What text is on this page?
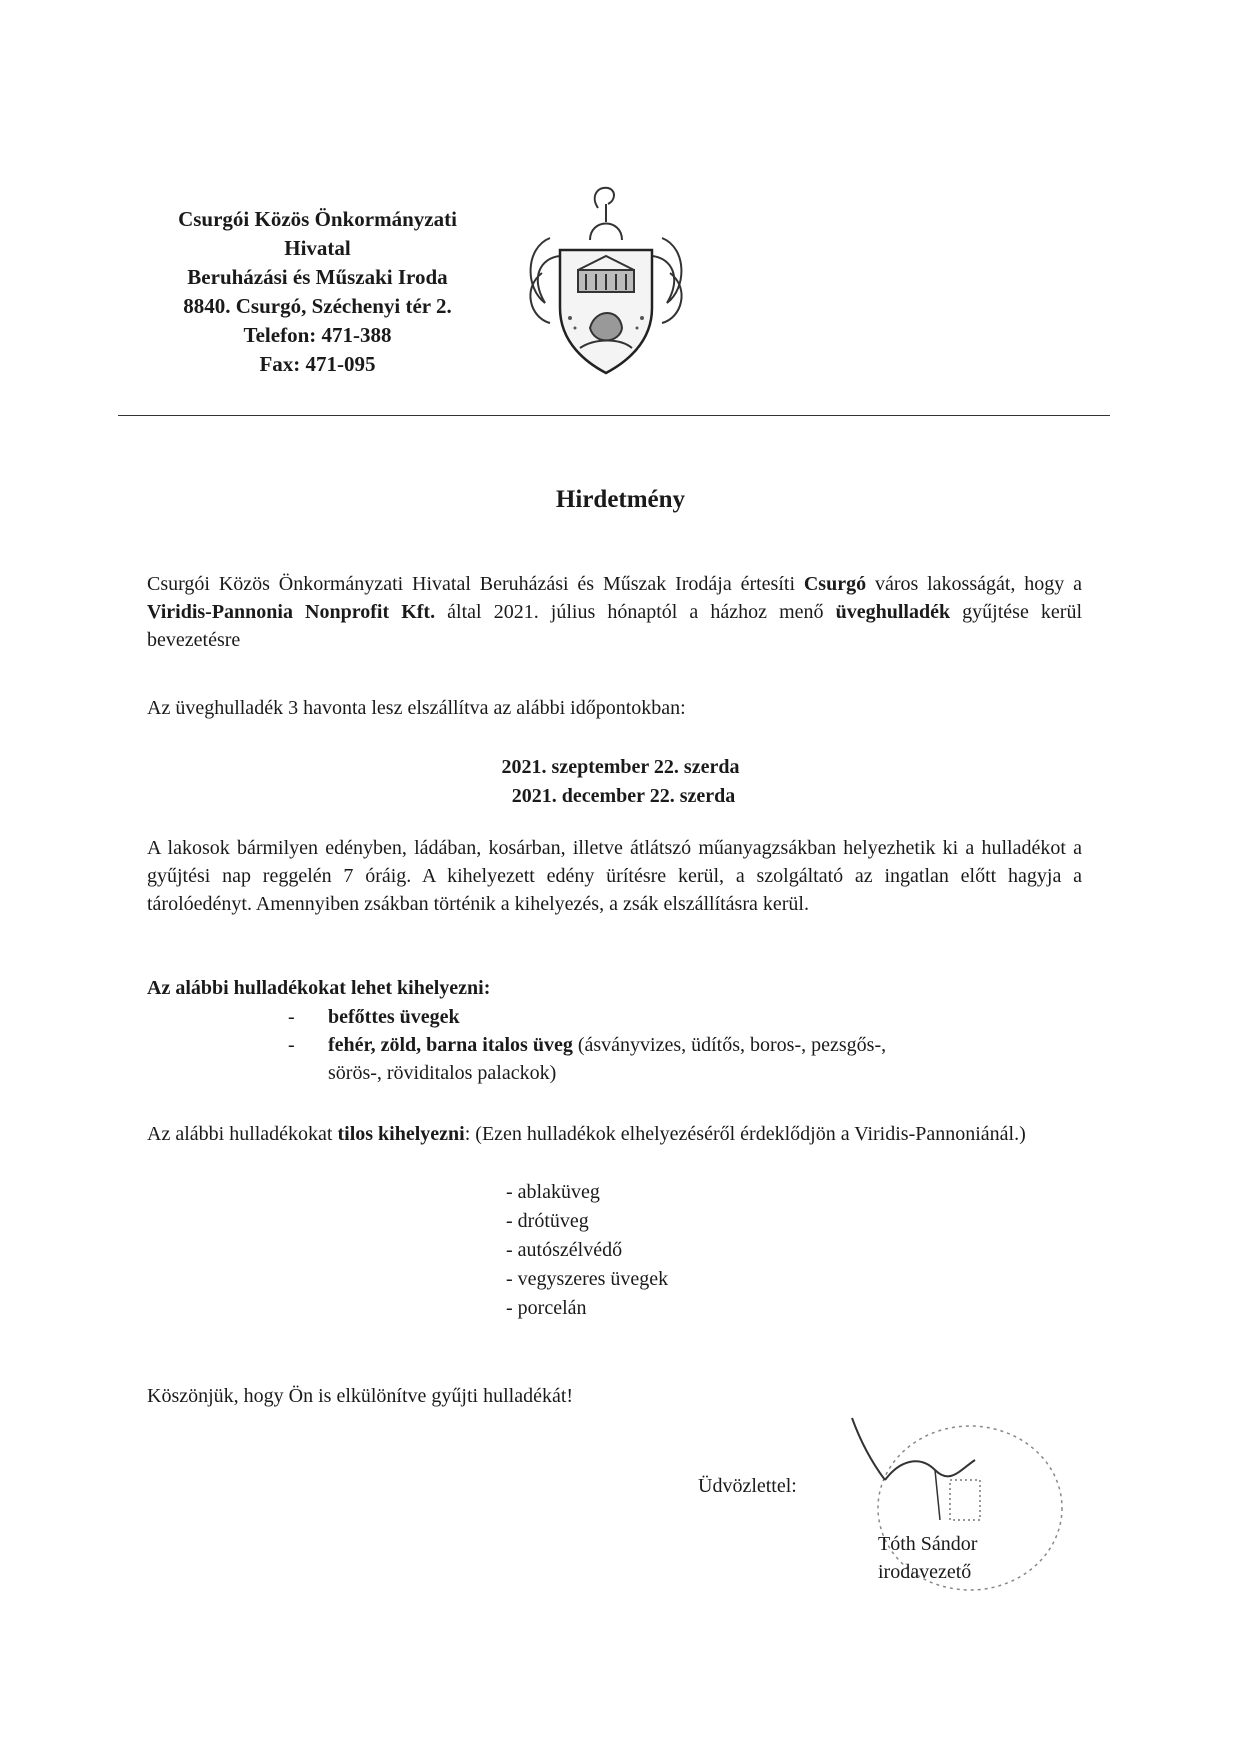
Csurgói Közös Önkormányzati
Hivatal
Beruházási és Műszaki Iroda
8840. Csurgó, Széchenyi tér 2.
Telefon: 471-388
Fax: 471-095
Hirdetmény
Csurgói Közös Önkormányzati Hivatal Beruházási és Műszak Irodája értesíti Csurgó város lakosságát, hogy a Viridis-Pannonia Nonprofit Kft. által 2021. július hónaptól a házhoz menő üveghulladék gyűjtése kerül bevezetésre
Az üveghulladék 3 havonta lesz elszállítva az alábbi időpontokban:
2021. szeptember 22. szerda
2021. december 22. szerda
A lakosok bármilyen edényben, ládában, kosárban, illetve átlátszó műanyagzsákban helyezhetik ki a hulladékot a gyűjtési nap reggelén 7 óráig. A kihelyezett edény ürítésre kerül, a szolgáltató az ingatlan előtt hagyja a tárolóedényt. Amennyiben zsákban történik a kihelyezés, a zsák elszállításra kerül.
Az alábbi hulladékokat lehet kihelyezni:
- befőttes üvegek
- fehér, zöld, barna italos üveg (ásványvizes, üdítős, boros-, pezsgős-,
sörös-, röviditalos palackok)
Az alábbi hulladékokat tilos kihelyezni: (Ezen hulladékok elhelyezéséről érdeklődjön a Viridis-Pannoniánál.)
- ablaküveg
- drótüveg
- autószélvédő
- vegyszeres üvegek
- porcelán
Köszönjük, hogy Ön is elkülönítve gyűjti hulladékát!
Üdvözlettel:
Tóth Sándor
irodavezető
